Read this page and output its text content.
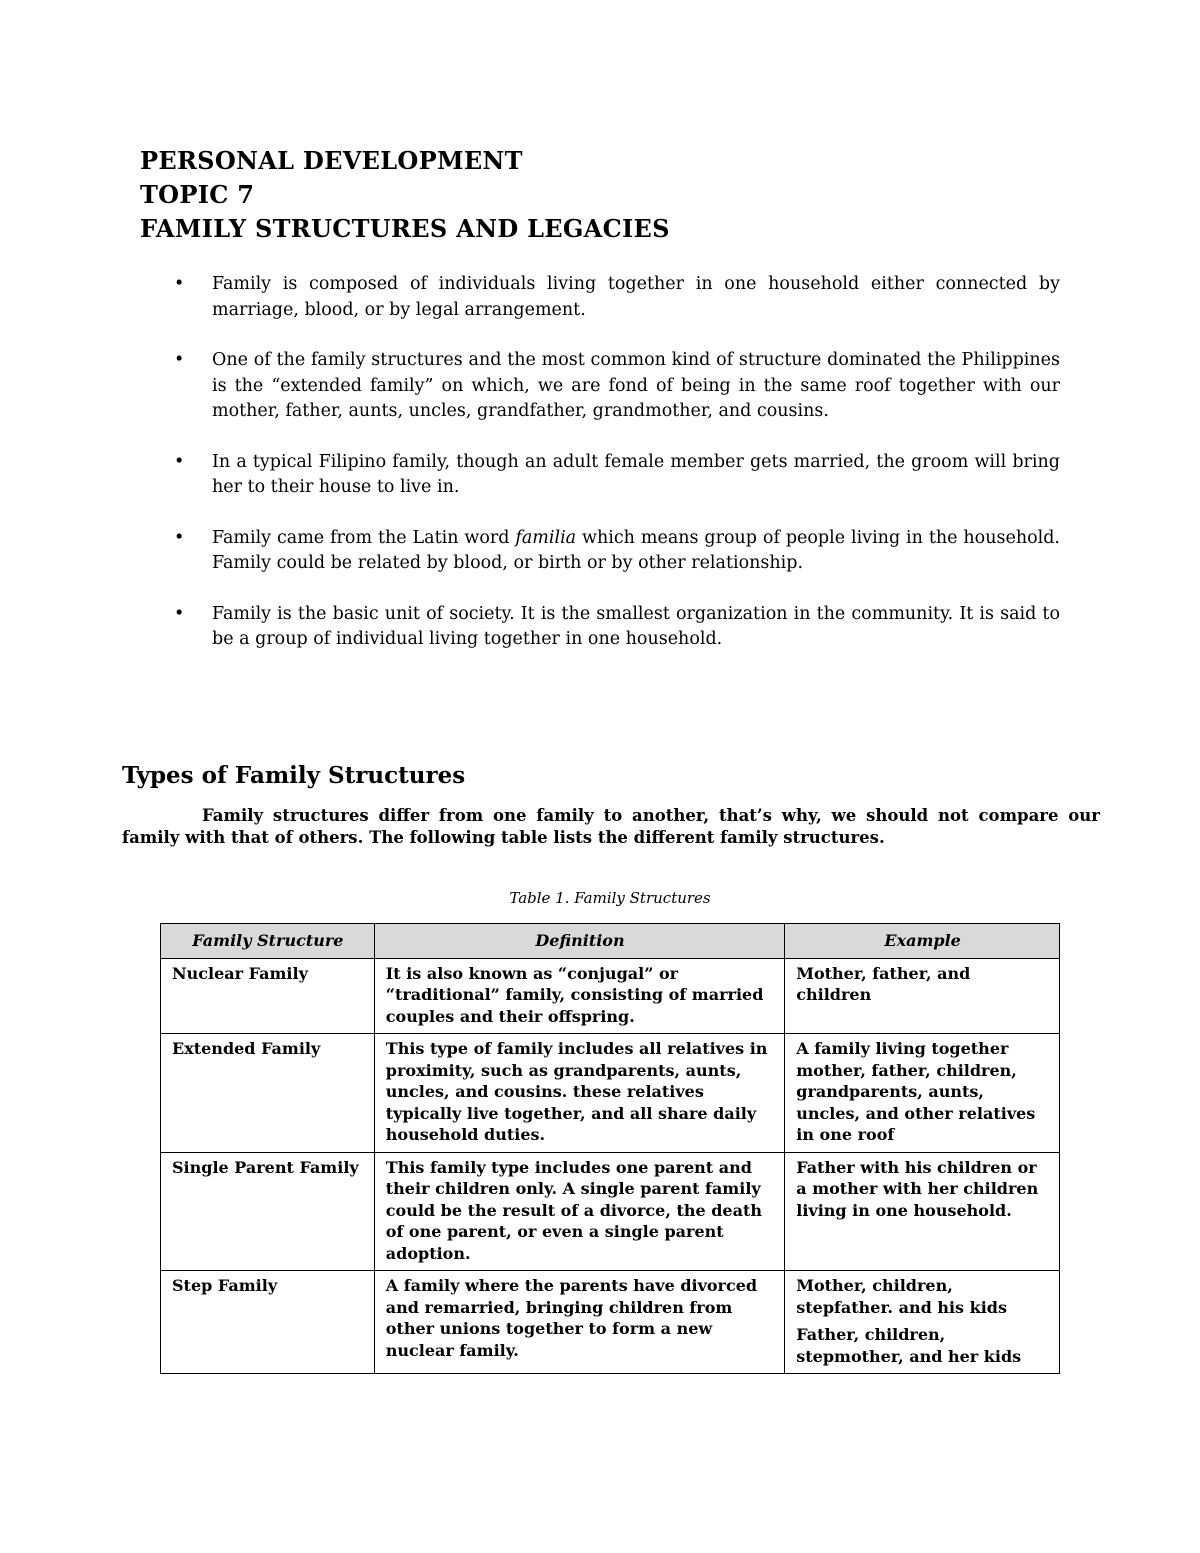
PERSONAL DEVELOPMENT
TOPIC 7
FAMILY STRUCTURES AND LEGACIES
• Family is composed of individuals living together in one household either connected by marriage, blood, or by legal arrangement.
• One of the family structures and the most common kind of structure dominated the Philippines is the “extended family” on which, we are fond of being in the same roof together with our mother, father, aunts, uncles, grandfather, grandmother, and cousins.
• In a typical Filipino family, though an adult female member gets married, the groom will bring her to their house to live in.
• Family came from the Latin word familia which means group of people living in the household. Family could be related by blood, or birth or by other relationship.
• Family is the basic unit of society. It is the smallest organization in the community. It is said to be a group of individual living together in one household.
Types of Family Structures

Family structures differ from one family to another, that’s why, we should not compare our family with that of others. The following table lists the different family structures.

Table 1. Family Structures
Family Structure	Definition	Example
Nuclear Family	It is also known as “conjugal” or “traditional” family, consisting of married couples and their offspring.	Mother, father, and children

Extended Family	This type of family includes all relatives in proximity, such as grandparents, aunts, uncles, and cousins. these relatives typically live together, and all share daily household duties.	A family living together mother, father, children, grandparents, aunts, uncles, and other relatives in one roof

Single Parent Family	This family type includes one parent and their children only. A single parent family could be the result of a divorce, the death of one parent, or even a single parent adoption.	Father with his children or a mother with her children living in one household.

Step Family	A family where the parents have divorced and remarried, bringing children from other unions together to form a new nuclear family.	Mother, children, stepfather. and his kids
Father, children, stepmother, and her kids
